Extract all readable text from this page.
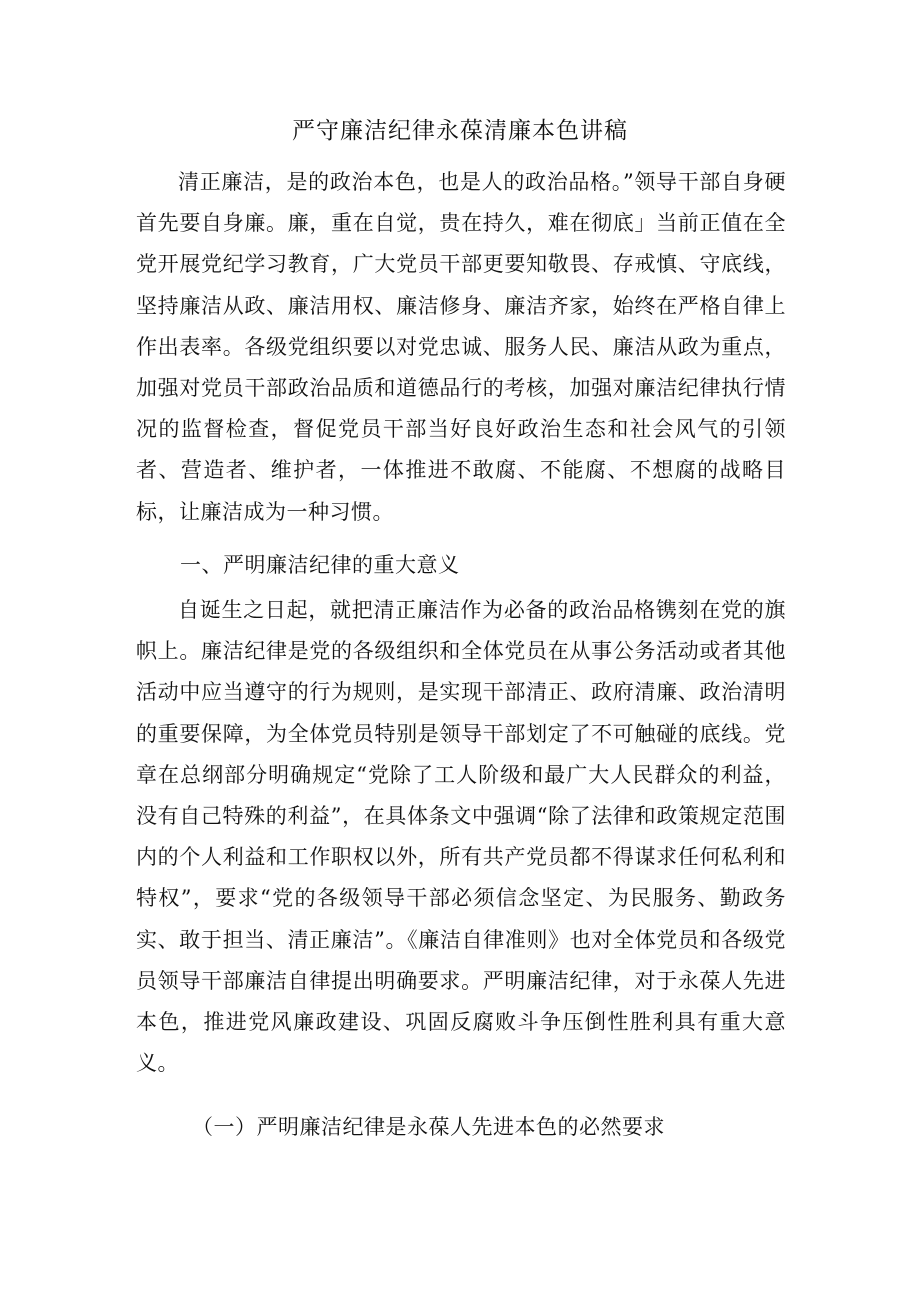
严守廉洁纪律永葆清廉本色讲稿

清正廉洁，是的政治本色，也是人的政治品格。”领导干部自身硬首先要自身廉。廉，重在自觉，贵在持久，难在彻底」当前正值在全党开展党纪学习教育，广大党员干部更要知敬畏、存戒慎、守底线，坚持廉洁从政、廉洁用权、廉洁修身、廉洁齐家，始终在严格自律上作出表率。各级党组织要以对党忠诚、服务人民、廉洁从政为重点，加强对党员干部政治品质和道德品行的考核，加强对廉洁纪律执行情况的监督检查，督促党员干部当好良好政治生态和社会风气的引领者、营造者、维护者，一体推进不敢腐、不能腐、不想腐的战略目标，让廉洁成为一种习惯。

一、严明廉洁纪律的重大意义

自诞生之日起，就把清正廉洁作为必备的政治品格镌刻在党的旗帜上。廉洁纪律是党的各级组织和全体党员在从事公务活动或者其他活动中应当遵守的行为规则，是实现干部清正、政府清廉、政治清明的重要保障，为全体党员特别是领导干部划定了不可触碰的底线。党章在总纲部分明确规定“党除了工人阶级和最广大人民群众的利益，没有自己特殊的利益”，在具体条文中强调“除了法律和政策规定范围内的个人利益和工作职权以外，所有共产党员都不得谋求任何私利和特权”，要求“党的各级领导干部必须信念坚定、为民服务、勤政务实、敢于担当、清正廉洁”。《廉洁自律准则》也对全体党员和各级党员领导干部廉洁自律提出明确要求。严明廉洁纪律，对于永葆人先进本色，推进党风廉政建设、巩固反腐败斗争压倒性胜利具有重大意义。

（一）严明廉洁纪律是永葆人先进本色的必然要求
